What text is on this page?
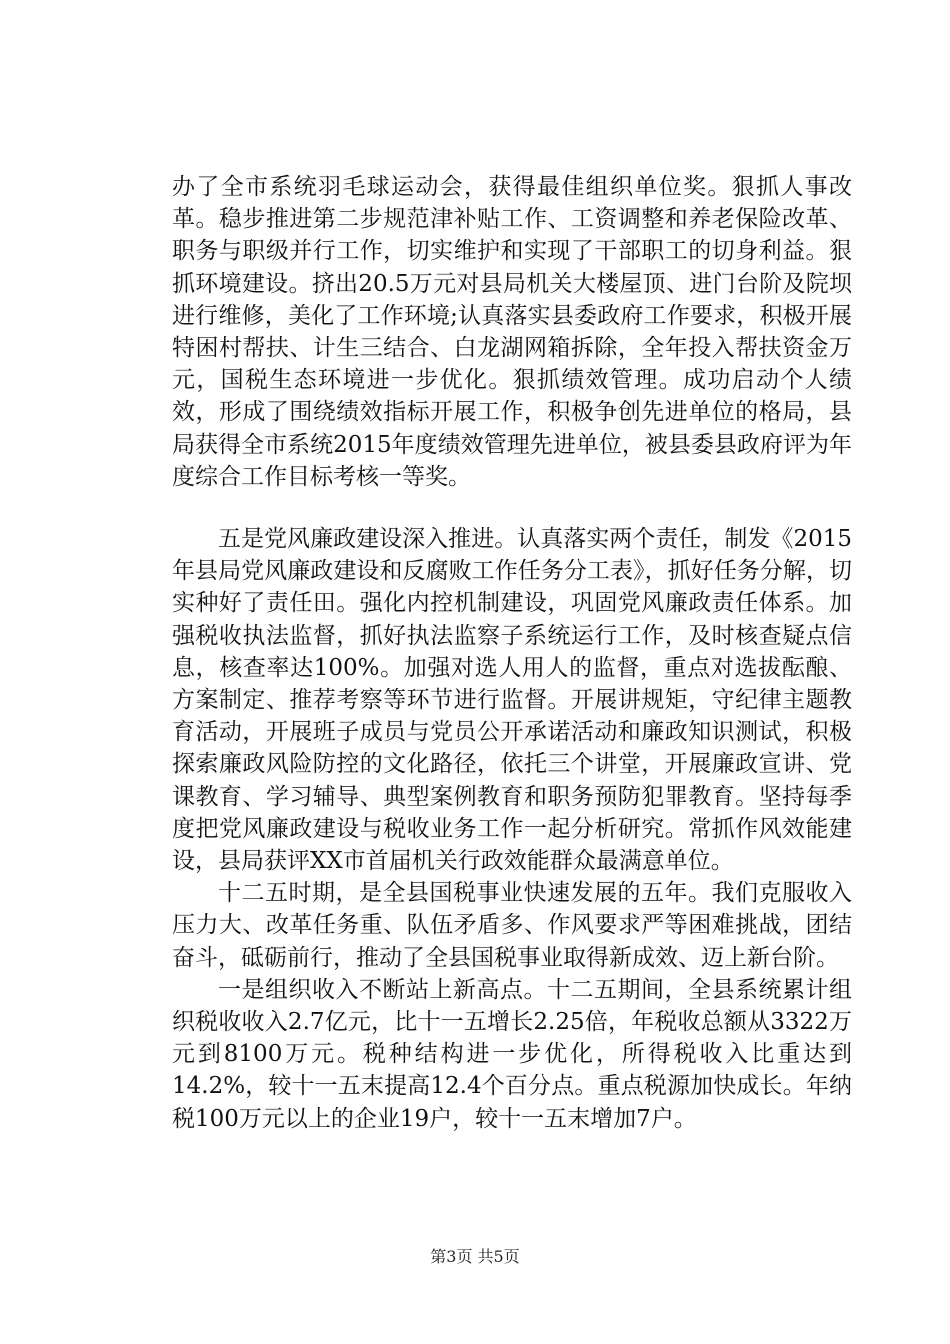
办了全市系统羽毛球运动会，获得最佳组织单位奖。狠抓人事改革。稳步推进第二步规范津补贴工作、工资调整和养老保险改革、职务与职级并行工作，切实维护和实现了干部职工的切身利益。狠抓环境建设。挤出20.5万元对县局机关大楼屋顶、进门台阶及院坝进行维修，美化了工作环境;认真落实县委政府工作要求，积极开展特困村帮扶、计生三结合、白龙湖网箱拆除，全年投入帮扶资金万元，国税生态环境进一步优化。狠抓绩效管理。成功启动个人绩效，形成了围绕绩效指标开展工作，积极争创先进单位的格局，县局获得全市系统2015年度绩效管理先进单位，被县委县政府评为年度综合工作目标考核一等奖。

五是党风廉政建设深入推进。认真落实两个责任，制发《2015年县局党风廉政建设和反腐败工作任务分工表》，抓好任务分解，切实种好了责任田。强化内控机制建设，巩固党风廉政责任体系。加强税收执法监督，抓好执法监察子系统运行工作，及时核查疑点信息，核查率达100%。加强对选人用人的监督，重点对选拔酝酿、方案制定、推荐考察等环节进行监督。开展讲规矩，守纪律主题教育活动，开展班子成员与党员公开承诺活动和廉政知识测试，积极探索廉政风险防控的文化路径，依托三个讲堂，开展廉政宣讲、党课教育、学习辅导、典型案例教育和职务预防犯罪教育。坚持每季度把党风廉政建设与税收业务工作一起分析研究。常抓作风效能建设，县局获评XX市首届机关行政效能群众最满意单位。

十二五时期，是全县国税事业快速发展的五年。我们克服收入压力大、改革任务重、队伍矛盾多、作风要求严等困难挑战，团结奋斗，砥砺前行，推动了全县国税事业取得新成效、迈上新台阶。

一是组织收入不断站上新高点。十二五期间，全县系统累计组织税收收入2.7亿元，比十一五增长2.25倍，年税收总额从3322万元到8100万元。税种结构进一步优化，所得税收入比重达到14.2%，较十一五末提高12.4个百分点。重点税源加快成长。年纳税100万元以上的企业19户，较十一五末增加7户。

第3页 共5页
